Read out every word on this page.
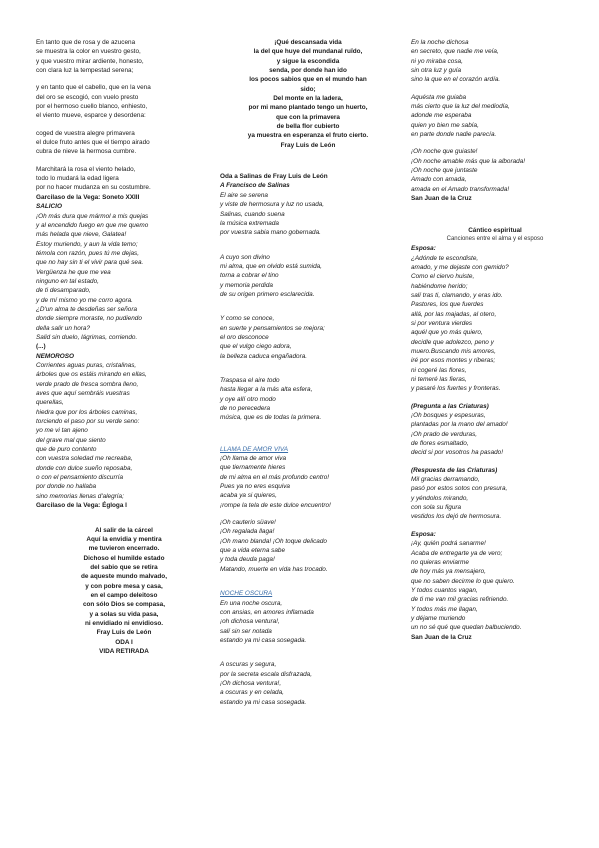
En tanto que de rosa y de azucena
se muestra la color en vuestro gesto,
y que vuestro mirar ardiente, honesto,
con clara luz la tempestad serena;
y en tanto que el cabello, que en la vena
del oro se escogió, con vuelo presto
por el hermoso cuello blanco, enhiesto,
el viento mueve, esparce y desordena:
coged de vuestra alegre primavera
el dulce fruto antes que el tiempo airado
cubra de nieve la hermosa cumbre.
Marchitará la rosa el viento helado,
todo lo mudará la edad ligera
por no hacer mudanza en su costumbre.
Garcilaso de la Vega: Soneto XXIII
SALICIO
¡Oh más dura que mármol a mis quejas
y al encendido fuego en que me quemo
más helada que nieve, Galatea!
Estoy muriendo, y aun la vida temo;
témola con razón, pues tú me dejas,
que no hay sin ti el vivir para qué sea.
Vergüenza he que me vea
ninguno en tal estado,
de ti desamparado,
y de mí mismo yo me corro agora.
¿D'un alma te desdeñas ser señora
donde siempre moraste, no pudiendo
della salir un hora?
Salid sin duelo, lágrimas, corriendo.
(...)
NEMOROSO
Corrientes aguas puras, cristalinas,
árboles que os estáis mirando en ellas,
verde prado de fresca sombra lleno,
aves que aquí sembráis vuestras
querellas,
hiedra que por los árboles caminas,
torciendo el paso por su verde seno:
yo me vi tan ajeno
del grave mal que siento
que de puro contento
con vuestra soledad me recreaba,
donde con dulce sueño reposaba,
o con el pensamiento discurría
por donde no hallaba
sino memorias llenas d'alegría;
Garcilaso de la Vega: Égloga I
Al salir de la cárcel
Aquí la envidia y mentira
me tuvieron encerrado.
Dichoso el humilde estado
del sabio que se retira
de aqueste mundo malvado,
y con pobre mesa y casa,
en el campo deleitoso
con sólo Dios se compasa,
y a solas su vida pasa,
ni envidiado ni envidioso.
Fray Luis de León
ODA I
VIDA RETIRADA
¡Qué descansada vida
la del que huye del mundanal ruïdo,
y sigue la escondida
senda, por donde han ido
los pocos sabios que en el mundo han
sido;
Del monte en la ladera,
por mi mano plantado tengo un huerto,
que con la primavera
de bella flor cubierto
ya muestra en esperanza el fruto cierto.
Fray Luis de León
Oda a Salinas de Fray Luis de León
A Francisco de Salinas
El aire se serena
y viste de hermosura y luz no usada,
Salinas, cuando suena
la música extremada
por vuestra sabia mano gobernada.
A cuyo son divino
mi alma, que en olvido está sumida,
torna a cobrar el tino
y memoria perdida
de su origen primero esclarecida.
Y como se conoce,
en suerte y pensamientos se mejora;
el oro desconoce
que el vulgo ciego adora,
la belleza caduca engañadora.
Traspasa el aire todo
hasta llegar a la más alta esfera,
y oye allí otro modo
de no perecedera
música, que es de todas la primera.
LLAMA DE AMOR VIVA
¡Oh llama de amor viva
que tiernamente hieres
de mi alma en el más profundo centro!
Pues ya no eres esquiva
acaba ya si quieres,
¡rompe la tela de este dulce encuentro!
¡Oh cauterio süave!
¡Oh regalada llaga!
¡Oh mano blanda! ¡Oh toque delicado
que a vida eterna sabe
y toda deuda paga!
Matando, muerte en vida has trocado.
NOCHE OSCURA
En una noche oscura,
con ansias, en amores inflamada
¡oh dichosa ventura!,
salí sin ser notada
estando ya mi casa sosegada.
A oscuras y segura,
por la secreta escala disfrazada,
¡Oh dichosa ventura!,
a oscuras y en celada,
estando ya mi casa sosegada.
En la noche dichosa
en secreto, que nadie me veía,
ni yo miraba cosa,
sin otra luz y guía
sino la que en el corazón ardía.
Aquésta me guiaba
más cierto que la luz del mediodía,
adonde me esperaba
quien yo bien me sabía,
en parte donde nadie parecía.
¡Oh noche que guiaste!
¡Oh noche amable más que la alborada!
¡Oh noche que juntaste
Amado con amada,
amada en el Amado transformada!
San Juan de la Cruz
Cántico espiritual
Canciones entre el alma y el esposo
Esposa:
¿Adónde te escondiste,
amado, y me dejaste con gemido?
Como el ciervo huiste,
habiéndome herido;
salí tras ti, clamando, y eras ido.
Pastores, los que fuerdes
allá, por las majadas, al otero,
si por ventura vierdes
aquél que yo más quiero,
decidle que adolezco, peno y
muero.Buscando mis amores,
iré por esos montes y riberas;
ni cogeré las flores,
ni temeré las fieras,
y pasaré los fuertes y fronteras.
(Pregunta a las Criaturas)
¡Oh bosques y espesuras,
plantadas por la mano del amado!
¡Oh prado de verduras,
de flores esmaltado,
decid si por vosotros ha pasado!
(Respuesta de las Criaturas)
Mil gracias derramando,
pasó por estos sotos con presura,
y yéndolos mirando,
con sola su figura
vestidos los dejó de hermosura.
Esposa:
¡Ay, quién podrá sanarme!
Acaba de entregarte ya de vero;
no quieras enviarme
de hoy más ya mensajero,
que no saben decirme lo que quiero.
Y todos cuantos vagan,
de ti me van mil gracias refiriendo.
Y todos más me llagan,
y déjame muriendo
un no sé qué que quedan balbuciendo.
San Juan de la Cruz
